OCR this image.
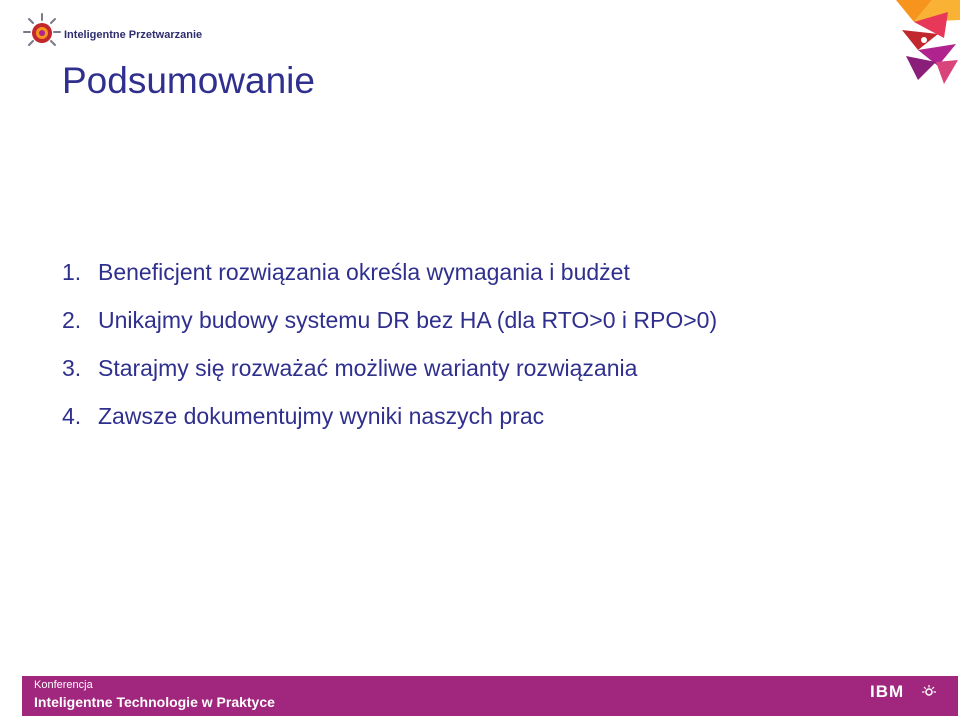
Inteligentne Przetwarzanie
Podsumowanie
1. Beneficjent rozwiązania określa wymagania i budżet
2. Unikajmy budowy systemu DR bez HA (dla RTO>0 i RPO>0)
3. Starajmy się rozważać możliwe warianty rozwiązania
4. Zawsze dokumentujmy wyniki naszych prac
Konferencja
Inteligentne Technologie w Praktyce
IBM
